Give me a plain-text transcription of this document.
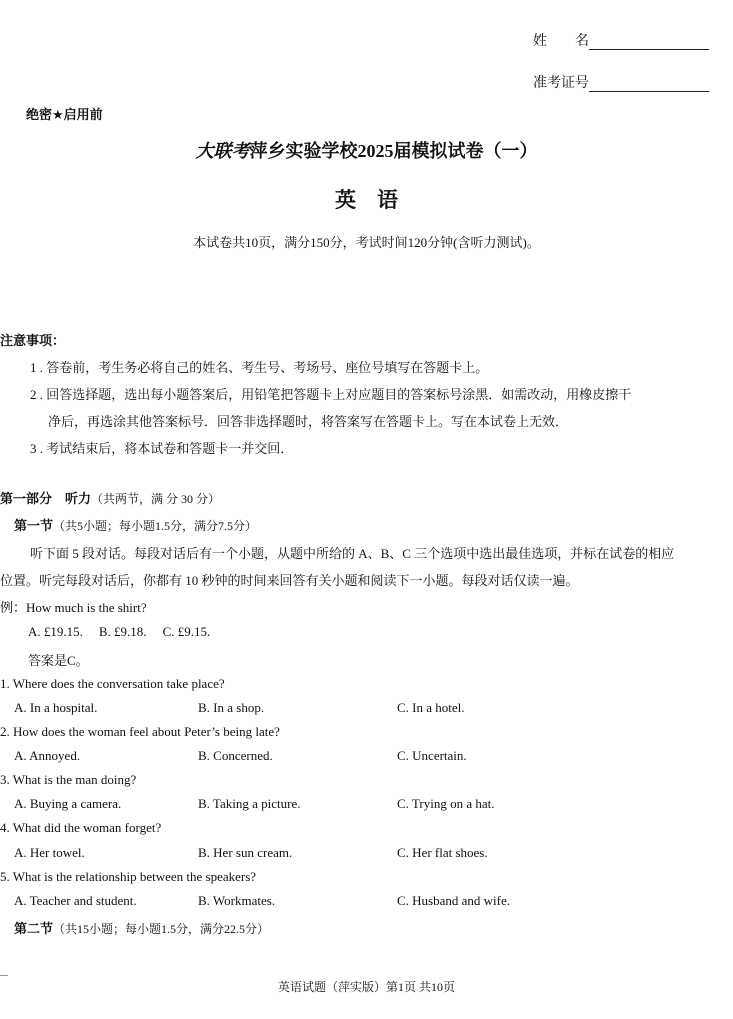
姓　　名
准考证号
绝密★启用前
大联考萍乡实验学校2025届模拟试卷（一）
英　语
本试卷共10页，满分150分，考试时间120分钟(含听力测试)。
注意事项：
1 . 答卷前，考生务必将自己的姓名、考生号、考场号、座位号填写在答题卡上。
2 . 回答选择题，选出每小题答案后，用铅笔把答题卡上对应题目的答案标号涂黑．如需改动，用橡皮擦干
净后，再选涂其他答案标号．回答非选择题时，将答案写在答题卡上。写在本试卷上无效．
3 . 考试结束后，将本试卷和答题卡一并交回．
第一部分　听力（共两节，满 分 30 分）
第一节（共5小题；每小题1.5分，满分7.5分）
听下面 5 段对话。每段对话后有一个小题，从题中所给的 A、B、C 三个选项中选出最佳选项，并标在试卷的相应
位置。听完每段对话后，你都有 10 秒钟的时间来回答有关小题和阅读下一小题。每段对话仅读一遍。
例：How much is the shirt?
A. £19.15. B. £9.18. C. £9.15.
答案是C。
1. Where does the conversation take place?
A. In a hospital.	B. In a shop.	C. In a hotel.
2. How does the woman feel about Peter’s being late?
A. Annoyed.	B. Concerned.	C. Uncertain.
3. What is the man doing?
A. Buying a camera.	B. Taking a picture.	C. Trying on a hat.
4. What did the woman forget?
A. Her towel.	B. Her sun cream.	C. Her flat shoes.
5. What is the relationship between the speakers?
A. Teacher and student.	B. Workmates.	C. Husband and wife.
第二节（共15小题；每小题1.5分，满分22.5分）
英语试题（萍实版）第1页 共10页
